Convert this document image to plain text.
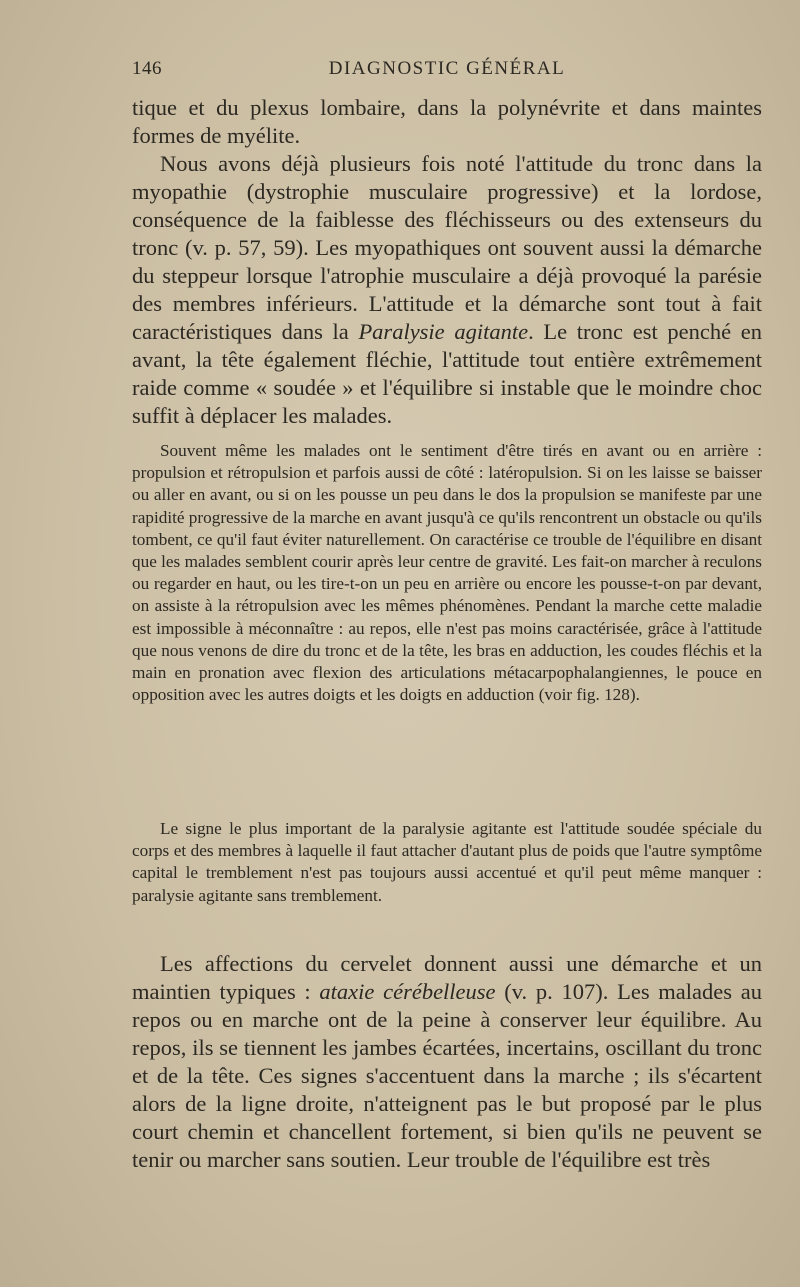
146	DIAGNOSTIC GÉNÉRAL

tique et du plexus lombaire, dans la polynévrite et dans maintes formes de myélite.

Nous avons déjà plusieurs fois noté l'attitude du tronc dans la myopathie (dystrophie musculaire progressive) et la lordose, conséquence de la faiblesse des fléchisseurs ou des extenseurs du tronc (v. p. 57, 59). Les myopathiques ont souvent aussi la démarche du steppeur lorsque l'atrophie musculaire a déjà provoqué la parésie des membres inférieurs. L'attitude et la démarche sont tout à fait caractéristiques dans la Paralysie agitante. Le tronc est penché en avant, la tête également fléchie, l'attitude tout entière extrêmement raide comme « soudée » et l'équilibre si instable que le moindre choc suffit à déplacer les malades.

Souvent même les malades ont le sentiment d'être tirés en avant ou en arrière : propulsion et rétropulsion et parfois aussi de côté : latéropulsion. Si on les laisse se baisser ou aller en avant, ou si on les pousse un peu dans le dos la propulsion se manifeste par une rapidité progressive de la marche en avant jusqu'à ce qu'ils rencontrent un obstacle ou qu'ils tombent, ce qu'il faut éviter naturellement. On caractérise ce trouble de l'équilibre en disant que les malades semblent courir après leur centre de gravité. Les fait-on marcher à reculons ou regarder en haut, ou les tire-t-on un peu en arrière ou encore les pousse-t-on par devant, on assiste à la rétropulsion avec les mêmes phénomènes. Pendant la marche cette maladie est impossible à méconnaître : au repos, elle n'est pas moins caractérisée, grâce à l'attitude que nous venons de dire du tronc et de la tête, les bras en adduction, les coudes fléchis et la main en pronation avec flexion des articulations métacarpophalangiennes, le pouce en opposition avec les autres doigts et les doigts en adduction (voir fig. 128).

Le signe le plus important de la paralysie agitante est l'attitude soudée spéciale du corps et des membres à laquelle il faut attacher d'autant plus de poids que l'autre symptôme capital le tremblement n'est pas toujours aussi accentué et qu'il peut même manquer : paralysie agitante sans tremblement.

Les affections du cervelet donnent aussi une démarche et un maintien typiques : ataxie cérébelleuse (v. p. 107). Les malades au repos ou en marche ont de la peine à conserver leur équilibre. Au repos, ils se tiennent les jambes écartées, incertains, oscillant du tronc et de la tête. Ces signes s'accentuent dans la marche ; ils s'écartent alors de la ligne droite, n'atteignent pas le but proposé par le plus court chemin et chancellent fortement, si bien qu'ils ne peuvent se tenir ou marcher sans soutien. Leur trouble de l'équilibre est très
